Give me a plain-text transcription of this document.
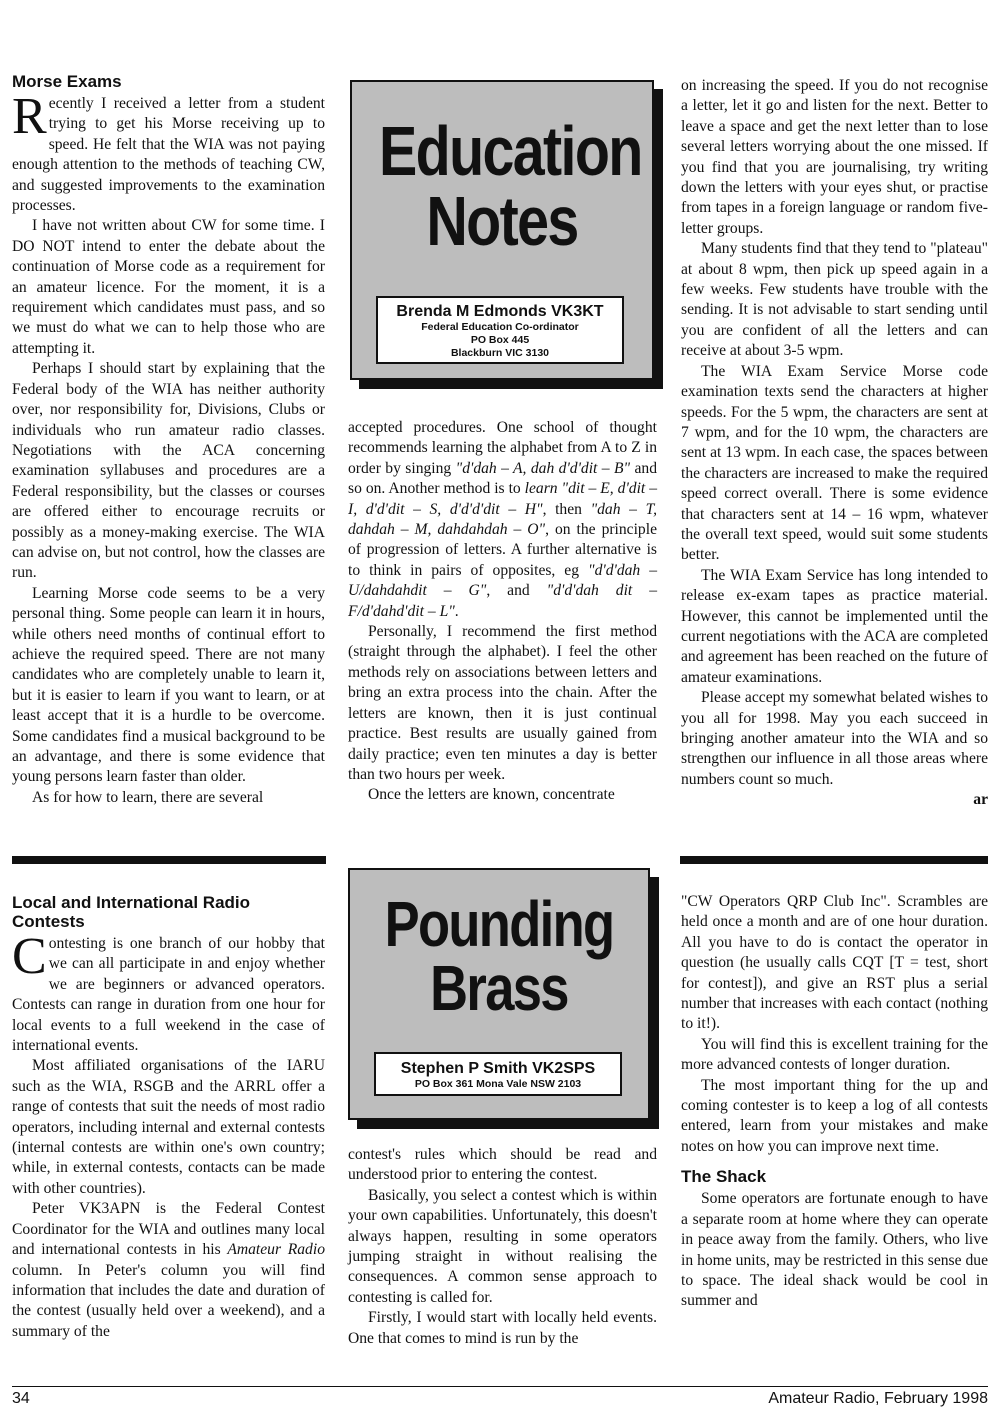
Morse Exams

Recently I received a letter from a student trying to get his Morse receiving up to speed. He felt that the WIA was not paying enough attention to the methods of teaching CW, and suggested improvements to the examination processes.

I have not written about CW for some time. I DO NOT intend to enter the debate about the continuation of Morse code as a requirement for an amateur licence. For the moment, it is a requirement which candidates must pass, and so we must do what we can to help those who are attempting it.

Perhaps I should start by explaining that the Federal body of the WIA has neither authority over, nor responsibility for, Divisions, Clubs or individuals who run amateur radio classes. Negotiations with the ACA concerning examination syllabuses and procedures are a Federal responsibility, but the classes or courses are offered either to encourage recruits or possibly as a money-making exercise. The WIA can advise on, but not control, how the classes are run.

Learning Morse code seems to be a very personal thing. Some people can learn it in hours, while others need months of continual effort to achieve the required speed. There are not many candidates who are completely unable to learn it, but it is easier to learn if you want to learn, or at least accept that it is a hurdle to be overcome. Some candidates find a musical background to be an advantage, and there is some evidence that young persons learn faster than older.

As for how to learn, there are several

Education
Notes
Brenda M Edmonds VK3KT
Federal Education Co-ordinator
PO Box 445
Blackburn VIC 3130

accepted procedures. One school of thought recommends learning the alphabet from A to Z in order by singing "d'dah – A, dah d'd'dit – B" and so on. Another method is to learn "dit – E, d'dit – I, d'd'dit – S, d'd'd'dit – H", then "dah – T, dahdah – M, dahdahdah – O", on the principle of progression of letters. A further alternative is to think in pairs of opposites, eg "d'd'dah – U/dahdahdit – G", and "d'd'dah dit – F/d'dahd'dit – L".

Personally, I recommend the first method (straight through the alphabet). I feel the other methods rely on associations between letters and bring an extra process into the chain. After the letters are known, then it is just continual practice. Best results are usually gained from daily practice; even ten minutes a day is better than two hours per week.

Once the letters are known, concentrate

on increasing the speed. If you do not recognise a letter, let it go and listen for the next. Better to leave a space and get the next letter than to lose several letters worrying about the one missed. If you find that you are journalising, try writing down the letters with your eyes shut, or practise from tapes in a foreign language or random five-letter groups.

Many students find that they tend to "plateau" at about 8 wpm, then pick up speed again in a few weeks. Few students have trouble with the sending. It is not advisable to start sending until you are confident of all the letters and can receive at about 3-5 wpm.

The WIA Exam Service Morse code examination texts send the characters at higher speeds. For the 5 wpm, the characters are sent at 7 wpm, and for the 10 wpm, the characters are sent at 13 wpm. In each case, the spaces between the characters are increased to make the required speed correct overall. There is some evidence that characters sent at 14 – 16 wpm, whatever the overall text speed, would suit some students better.

The WIA Exam Service has long intended to release ex-exam tapes as practice material. However, this cannot be implemented until the current negotiations with the ACA are completed and agreement has been reached on the future of amateur examinations.

Please accept my somewhat belated wishes to you all for 1998. May you each succeed in bringing another amateur into the WIA and so strengthen our influence in all those areas where numbers count so much.

ar
Local and International Radio Contests

Contesting is one branch of our hobby that we can all participate in and enjoy whether we are beginners or advanced operators. Contests can range in duration from one hour for local events to a full weekend in the case of international events.

Most affiliated organisations of the IARU such as the WIA, RSGB and the ARRL offer a range of contests that suit the needs of most radio operators, including internal and external contests (internal contests are within one's own country; while, in external contests, contacts can be made with other countries).

Peter VK3APN is the Federal Contest Coordinator for the WIA and outlines many local and international contests in his Amateur Radio column. In Peter's column you will find information that includes the date and duration of the contest (usually held over a weekend), and a summary of the

Pounding
Brass
Stephen P Smith VK2SPS
PO Box 361 Mona Vale NSW 2103

contest's rules which should be read and understood prior to entering the contest.

Basically, you select a contest which is within your own capabilities. Unfortunately, this doesn't always happen, resulting in some operators jumping straight in without realising the consequences. A common sense approach to contesting is called for.

Firstly, I would start with locally held events. One that comes to mind is run by the

"CW Operators QRP Club Inc". Scrambles are held once a month and are of one hour duration. All you have to do is contact the operator in question (he usually calls CQT [T = test, short for contest]), and give an RST plus a serial number that increases with each contact (nothing to it!).

You will find this is excellent training for the more advanced contests of longer duration.

The most important thing for the up and coming contester is to keep a log of all contests entered, learn from your mistakes and make notes on how you can improve next time.

The Shack

Some operators are fortunate enough to have a separate room at home where they can operate in peace away from the family. Others, who live in home units, may be restricted in this sense due to space. The ideal shack would be cool in summer and

34	Amateur Radio, February 1998
